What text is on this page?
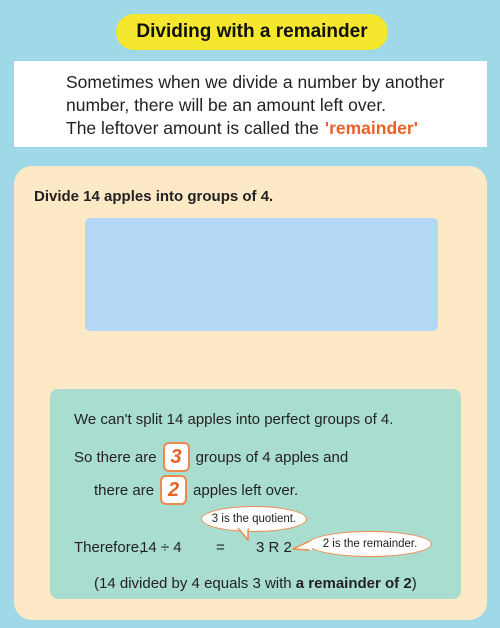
Dividing with a remainder
Sometimes when we divide a number by another
number, there will be an amount left over.
The leftover amount is called the 'remainder'
Divide 14 apples into groups of 4.
We can't split 14 apples into perfect groups of 4.
So there are 3 groups of 4 apples and
there are 2 apples left over.
3 is the quotient.
2 is the remainder.
Therefore,
14 ÷ 4	=	3 R 2
(14 divided by 4 equals 3 with a remainder of 2)
